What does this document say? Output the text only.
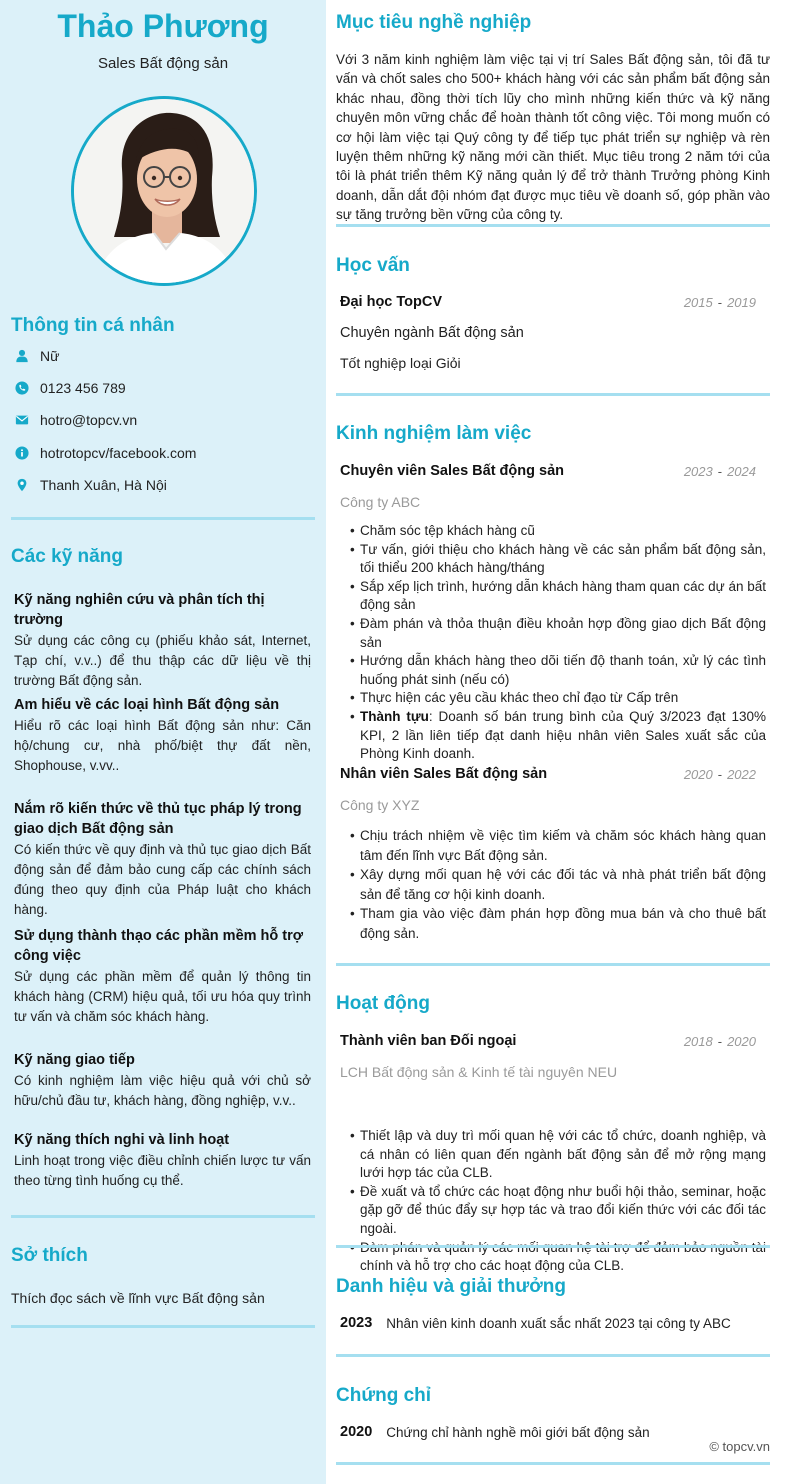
Thảo Phương
Sales Bất động sản
Thông tin cá nhân
Nữ
0123 456 789
hotro@topcv.vn
hotrotopcv/facebook.com
Thanh Xuân, Hà Nội
Các kỹ năng
Kỹ năng nghiên cứu và phân tích thị trường

Sử dụng các công cụ (phiếu khảo sát, Internet, Tạp chí, v.v..) để thu thập các dữ liệu về thị trường Bất động sản.

Am hiểu về các loại hình Bất động sản

Hiểu rõ các loại hình Bất động sản như: Căn hộ/chung cư, nhà phố/biệt thự đất nền, Shophouse, v.vv..

Nắm rõ kiến thức về thủ tục pháp lý trong giao dịch Bất động sản

Có kiến thức về quy định và thủ tục giao dịch Bất động sản để đảm bảo cung cấp các chính sách đúng theo quy định của Pháp luật cho khách hàng.

Sử dụng thành thạo các phần mềm hỗ trợ công việc

Sử dụng các phần mềm để quản lý thông tin khách hàng (CRM) hiệu quả, tối ưu hóa quy trình tư vấn và chăm sóc khách hàng.

Kỹ năng giao tiếp

Có kinh nghiệm làm việc hiệu quả với chủ sở hữu/chủ đầu tư, khách hàng, đồng nghiệp, v.v..

Kỹ năng thích nghi và linh hoạt

Linh hoạt trong việc điều chỉnh chiến lược tư vấn theo từng tình huống cụ thể.

Sở thích
Thích đọc sách về lĩnh vực Bất động sản
Mục tiêu nghề nghiệp
Với 3 năm kinh nghiệm làm việc tại vị trí Sales Bất động sản, tôi đã tư vấn và chốt sales cho 500+ khách hàng với các sản phẩm bất động sản khác nhau, đồng thời tích lũy cho mình những kiến thức và kỹ năng chuyên môn vững chắc để hoàn thành tốt công việc. Tôi mong muốn có cơ hội làm việc tại Quý công ty để tiếp tục phát triển sự nghiệp và rèn luyện thêm những kỹ năng mới cần thiết. Mục tiêu trong 2 năm tới của tôi là phát triển thêm Kỹ năng quản lý để trở thành Trưởng phòng Kinh doanh, dẫn dắt đội nhóm đạt được mục tiêu về doanh số, góp phần vào sự tăng trưởng bền vững của công ty.
Học vấn
Đại học TopCV	2015 - 2019
Chuyên ngành Bất động sản
Tốt nghiệp loại Giỏi
Kinh nghiệm làm việc
Chuyên viên Sales Bất động sản	2023 - 2024
Công ty ABC
• Chăm sóc tệp khách hàng cũ
• Tư vấn, giới thiệu cho khách hàng về các sản phẩm bất động sản, tối thiểu 200 khách hàng/tháng
• Sắp xếp lịch trình, hướng dẫn khách hàng tham quan các dự án bất động sản
• Đàm phán và thỏa thuận điều khoản hợp đồng giao dịch Bất động sản
• Hướng dẫn khách hàng theo dõi tiến độ thanh toán, xử lý các tình huống phát sinh (nếu có)
• Thực hiện các yêu cầu khác theo chỉ đạo từ Cấp trên
• Thành tựu: Doanh số bán trung bình của Quý 3/2023 đạt 130% KPI, 2 lần liên tiếp đạt danh hiệu nhân viên Sales xuất sắc của Phòng Kinh doanh.
Nhân viên Sales Bất động sản	2020 - 2022
Công ty XYZ
• Chịu trách nhiệm về việc tìm kiếm và chăm sóc khách hàng quan tâm đến lĩnh vực Bất động sản.
• Xây dựng mối quan hệ với các đối tác và nhà phát triển bất động sản để tăng cơ hội kinh doanh.
• Tham gia vào việc đàm phán hợp đồng mua bán và cho thuê bất động sản.
Hoạt động
Thành viên ban Đối ngoại	2018 - 2020
LCH Bất động sản & Kinh tế tài nguyên NEU
• Thiết lập và duy trì mối quan hệ với các tổ chức, doanh nghiệp, và cá nhân có liên quan đến ngành bất động sản để mở rộng mạng lưới hợp tác của CLB.
• Đề xuất và tổ chức các hoạt động như buổi hội thảo, seminar, hoặc gặp gỡ để thúc đẩy sự hợp tác và trao đổi kiến thức với các đối tác ngoài.
• chính và hỗ trợ cho các hoạt động của CLB.
Danh hiệu và giải thưởng
2023 Nhân viên kinh doanh xuất sắc nhất 2023 tại công ty ABC
Chứng chỉ
2020 Chứng chỉ hành nghề môi giới bất động sản
© topcv.vn
